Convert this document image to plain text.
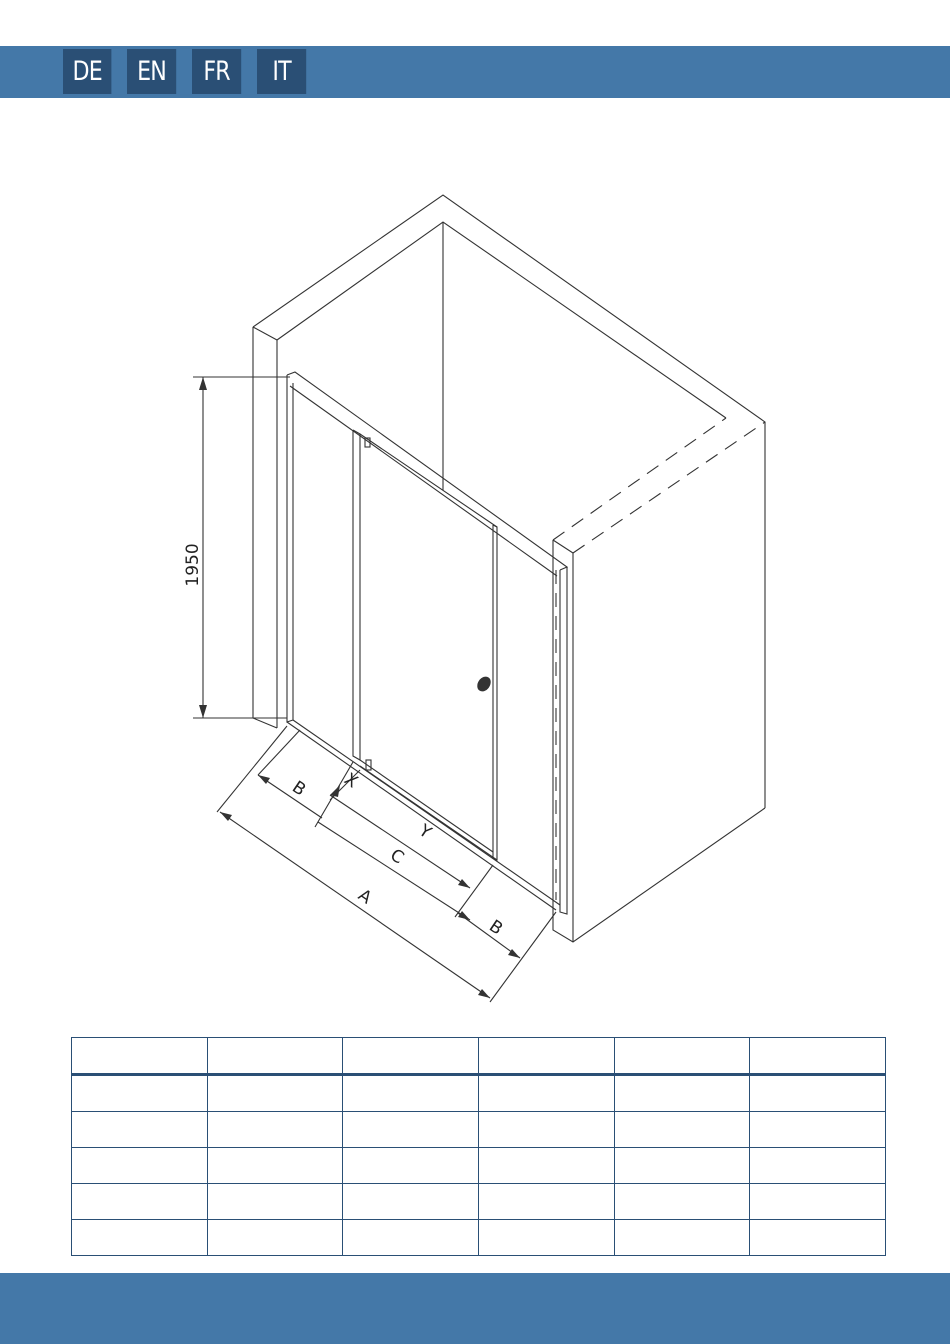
DE	EN	FR	IT
1950
B X
Y
C
A
B
